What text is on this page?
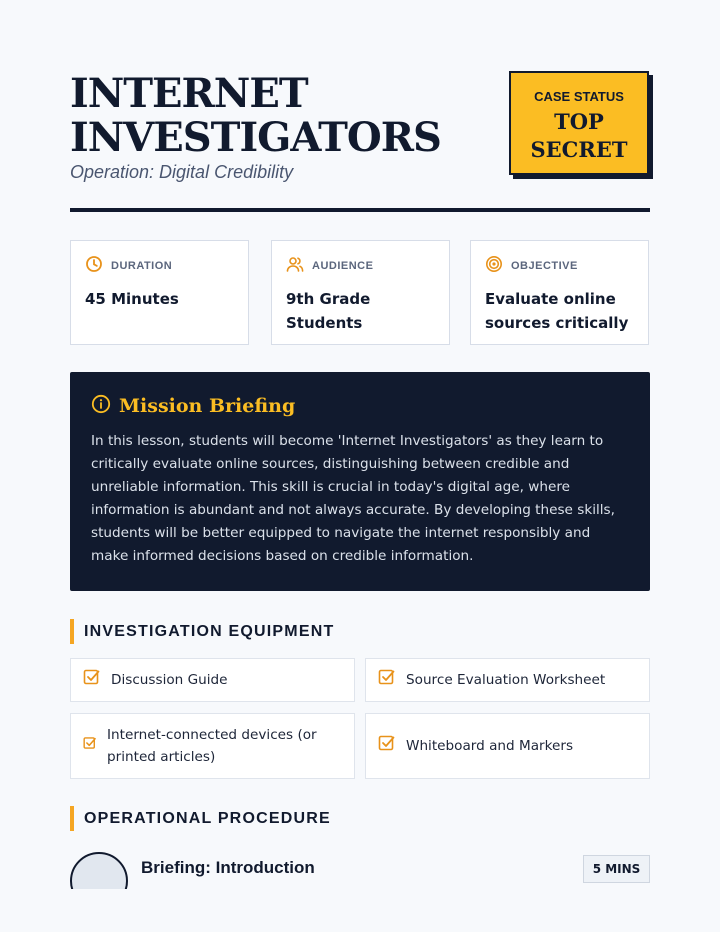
INTERNET
INVESTIGATORS
Operation: Digital Credibility
CASE STATUS
TOP
SECRET
DURATION
45 Minutes
AUDIENCE
9th Grade Students
OBJECTIVE
Evaluate online sources critically
Mission Briefing

In this lesson, students will become 'Internet Investigators' as they learn to critically evaluate online sources, distinguishing between credible and unreliable information. This skill is crucial in today's digital age, where information is abundant and not always accurate. By developing these skills, students will be better equipped to navigate the internet responsibly and make informed decisions based on credible information.

INVESTIGATION EQUIPMENT
Discussion Guide	Source Evaluation Worksheet
Internet-connected devices (or printed articles)
Whiteboard and Markers
OPERATIONAL PROCEDURE
Briefing: Introduction	5 MINS
